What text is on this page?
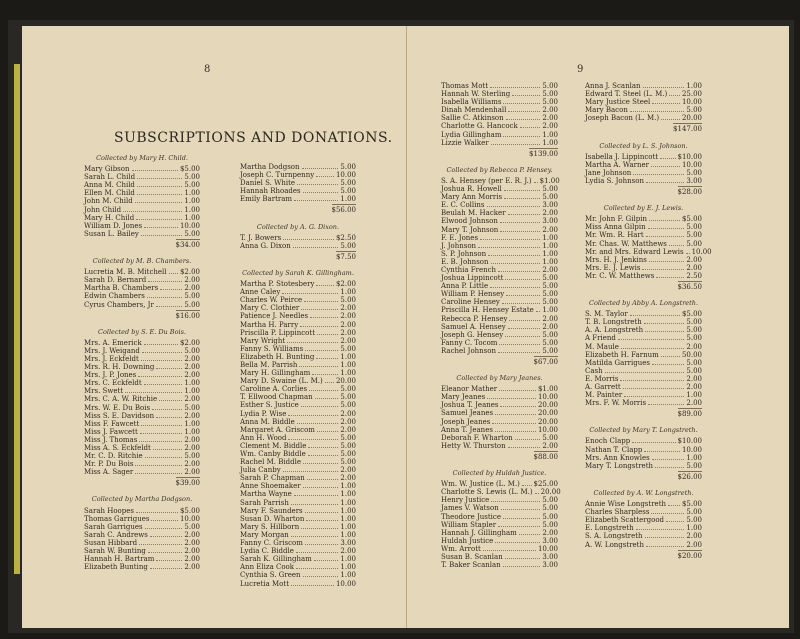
8
SUBSCRIPTIONS AND DONATIONS.
Collected by Mary H. Child.
Mary Gibson	$5.00
Sarah L. Child	5.00
Anna M. Child	5.00
Ellen M. Child	1.00
John M. Child	1.00
John Child	1.00
Mary H. Child	1.00
William D. Jones	10.00
Susan L. Bailey	5.00
$34.00
Collected by M. B. Chambers.
Lucretia M. B. Mitchell $2.00
Sarah D. Bernard	2.00
Martha B. Chambers	2.00
Edwin Chambers	5.00
Cyrus Chambers, Jr	5.00
$16.00
Collected by S. E. Du Bois.
Mrs. A. Emerick	$2.00
Mrs. J. Weigand	5.00
Mrs. J. Eckfeldt	2.00
Mrs. R. H. Downing	2.00
Mrs. J. P. Jones	2.00
Mrs. C. Eckfeldt	1.00
Mrs. Swett	1.00
Mrs. C. A. W. Ritchie	2.00
Mrs. W. E. Du Bois	5.00
Miss S. E. Davidson	2.00
Miss F. Fawcett	1.00
Miss J. Fawcett	1.00
Miss J. Thomas	2.00
Miss A. S. Eckfeldt	2.00
Mr. C. D. Ritchie	5.00
Mr. P. Du Bois	2.00
Miss A. Sager	2.00
$39.00
Collected by Martha Dodgson.
Sarah Hoopes	$5.00
Thomas Garrigues	10.00
Sarah Garrigues	5.00
Sarah C. Andrews	2.00
Susan Hibbard	2.00
Sarah W. Bunting	2.00
Hannah H. Bartram	2.00
Elizabeth Bunting	2.00
Martha Dodgson	5.00
Joseph C. Turnpenny	10.00
Daniel S. White	5.00
Hannah Rhoades	5.00
Emily Bartram	1.00
$56.00
Collected by A. G. Dixon.
T. J. Bowers	$2.50
Anna G. Dixon	5.00
$7.50
Collected by Sarah K. Gillingham.
Martha P. Stotesbery	$2.00
Anne Caley	1.00
Charles W. Peirce	5.00
Mary C. Clothier	2.00
Patience J. Needles	2.00
Martha H. Parry	2.00
Priscilla P. Lippincott	2.00
Mary Wright	2.00
Fanny S. Williams	5.00
Elizabeth H. Bunting	1.00
Bella M. Parrish	1.00
Mary H. Gillingham	1.00
Mary D. Swaine (L. M.) 20.00
Caroline A. Corlies	5.00
T. Ellwood Chapman	5.00
Esther S. Justice	5.00
Lydia P. Wise	2.00
Anna M. Biddle	2.00
Margaret A. Griscom	2.00
Ann H. Wood	5.00
Clement M. Biddle	5.00
Wm. Canby Biddle	5.00
Rachel M. Biddle	5.00
Julia Canby	2.00
Sarah P. Chapman	2.00
Anne Shoemaker	1.00
Martha Wayne	1.00
Sarah Parrish	1.00
Mary F. Saunders	1.00
Susan D. Wharton	1.00
Mary S. Hillborn	1.00
Mary Morgan	1.00
Fanny C. Griscom	3.00
Lydia C. Biddle	2.00
Sarah K. Gillingham	1.00
Ann Eliza Cook	1.00
Cynthia S. Green	1.00
Lucretia Mott	10.00
9
Thomas Mott	5.00
Hannah W. Sterling	5.00
Isabella Williams	5.00
Dinah Mendenhall	2.00
Sallie C. Atkinson	2.00
Charlotte G. Hancock	2.00
Lydia Gillingham	1.00
Lizzie Walker	1.00
$139.00
Collected by Rebecca P. Hensey.
S. A. Hensey (per E. R. J.) $1.00
Joshua R. Howell	5.00
Mary Ann Morris	5.00
E. C. Collins	3.00
Beulah M. Hacker	2.00
Elwood Johnson	3.00
Mary T. Johnson	2.00
F. E. Jones	1.00
J. Johnson	1.00
S. P. Johnson	1.00
E. B. Johnson	1.00
Cynthia French	2.00
Joshua Lippincott	5.00
Anna P. Little	5.00
William P. Hensey	5.00
Caroline Hensey	5.00
Priscilla H. Hensey Estate 1.00
Rebecca P. Hensey	2.00
Samuel A. Hensey	2.00
Joseph G. Hensey	5.00
Fanny C. Tocom	5.00
Rachel Johnson	5.00
$67.00
Collected by Mary Jeanes.
Eleanor Mather	$1.00
Mary Jeanes	10.00
Joshua T. Jeanes	20.00
Samuel Jeanes	20.00
Joseph Jeanes	20.00
Anna T. Jeanes	10.00
Deborah F. Wharton	5.00
Hetty W. Thurston	2.00
$88.00
Collected by Huldah Justice.
Wm. W. Justice (L. M.) $25.00
Charlotte S. Lewis (L. M.) 20.00
Henry Justice	5.00
James V. Watson	5.00
Theodore Justice	5.00
William Stapler	5.00
Hannah J. Gillingham	2.00
Huldah Justice	3.00
Wm. Arrott	10.00
Susan B. Scanlan	3.00
T. Baker Scanlan	3.00
Anna J. Scanlan	1.00
Edward T. Steel (L. M.) 25.00
Mary Justice Steel	10.00
Mary Bacon	5.00
Joseph Bacon (L. M.)	20.00
$147.00
Collected by L. S. Johnson.
Isabella J. Lippincott	$10.00
Martha A. Warner	10.00
Jane Johnson	5.00
Lydia S. Johnson	3.00
$28.00
Collected by E. J. Lewis.
Mr. John F. Gilpin	$5.00
Miss Anna Gilpin	5.00
Mr. Wm. R. Hart	5.00
Mr. Chas. W. Matthews	5.00
Mr. and Mrs. Edward Lewis 10.00
Mrs. H. J. Jenkins	2.00
Mrs. E. J. Lewis	2.00
Mr. C. W. Matthews	2.50
$36.50
Collected by Abby A. Longstreth.
S. M. Taylor	$5.00
T. B. Longstreth	5.00
A. A. Longstreth	5.00
A Friend	5.00
M. Maule	2.00
Elizabeth H. Farnum	50.00
Matilda Garrigues	5.00
Cash	5.00
E. Morris	2.00
A. Garrett	2.00
M. Painter	1.00
Mrs. F. W. Morris	2.00
$89.00
Collected by Mary T. Longstreth.
Enoch Clapp	$10.00
Nathan T. Clapp	10.00
Mrs. Ann Knowles	1.00
Mary T. Longstreth	5.00
$26.00
Collected by A. W. Longstreth.
Annie Wise Longstreth $5.00
Charles Sharpless	5.00
Elizabeth Scattergood	5.00
E. Longstreth	1.00
S. A. Longstreth	2.00
A. W. Longstreth	2.00
$20.00
